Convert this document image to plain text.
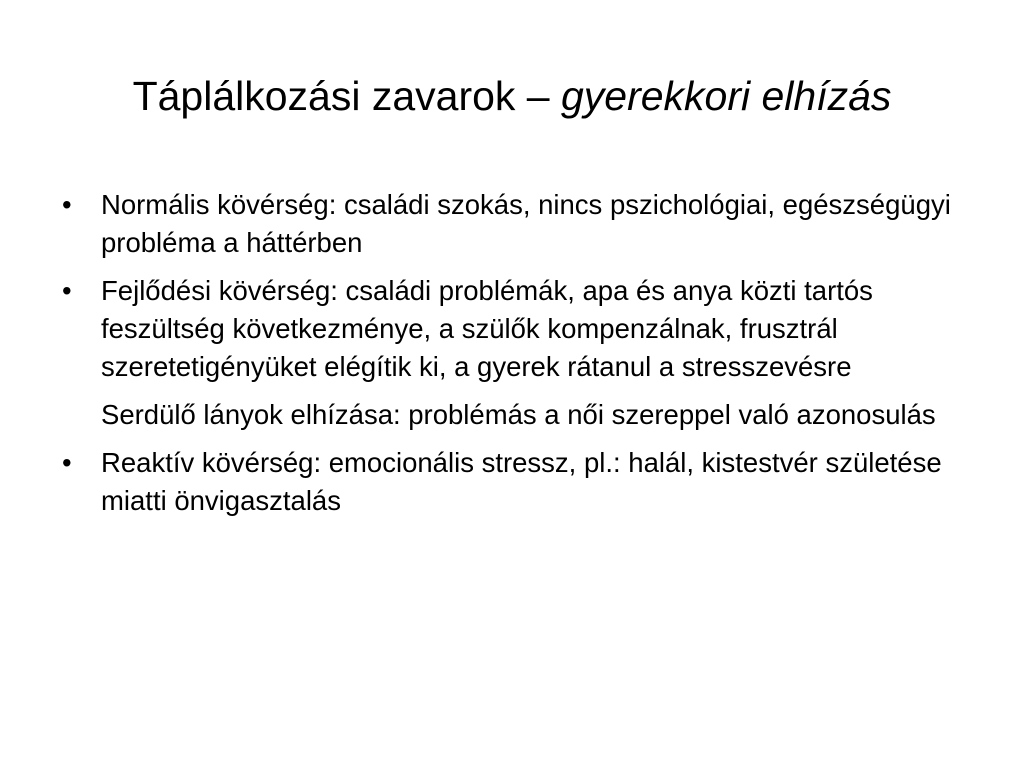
Táplálkozási zavarok – gyerekkori elhízás
• Normális kövérség: családi szokás, nincs pszichológiai, egészségügyi probléma a háttérben
• Fejlődési kövérség: családi problémák, apa és anya közti tartós feszültség következménye, a szülők kompenzálnak, frusztrál szeretetigényüket elégítik ki, a gyerek rátanul a stresszevésre
Serdülő lányok elhízása: problémás a női szereppel való azonosulás
• Reaktív kövérség: emocionális stressz, pl.: halál, kistestvér születése miatti önvigasztalás
